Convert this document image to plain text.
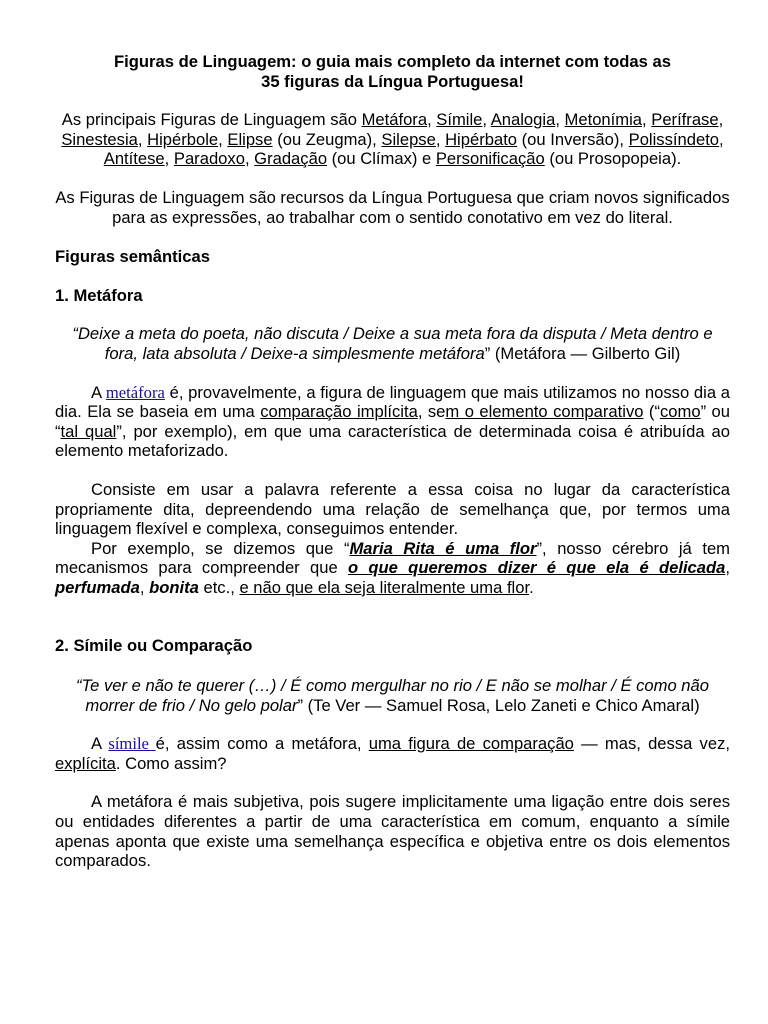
Figuras de Linguagem: o guia mais completo da internet com todas as
35 figuras da Língua Portuguesa!

As principais Figuras de Linguagem são Metáfora, Símile, Analogia, Metonímia, Perífrase, Sinestesia, Hipérbole, Elipse (ou Zeugma), Silepse, Hipérbato (ou Inversão), Polissíndeto, Antítese, Paradoxo, Gradação (ou Clímax) e Personificação (ou Prosopopeia).

As Figuras de Linguagem são recursos da Língua Portuguesa que criam novos significados para as expressões, ao trabalhar com o sentido conotativo em vez do literal.

Figuras semânticas

1. Metáfora

“Deixe a meta do poeta, não discuta / Deixe a sua meta fora da disputa / Meta dentro e fora, lata absoluta / Deixe-a simplesmente metáfora” (Metáfora — Gilberto Gil)

A metáfora é, provavelmente, a figura de linguagem que mais utilizamos no nosso dia a dia. Ela se baseia em uma comparação implícita, sem o elemento comparativo (“como” ou “tal qual”, por exemplo), em que uma característica de determinada coisa é atribuída ao elemento metaforizado.

Consiste em usar a palavra referente a essa coisa no lugar da característica propriamente dita, depreendendo uma relação de semelhança que, por termos uma linguagem flexível e complexa, conseguimos entender.

Por exemplo, se dizemos que “Maria Rita é uma flor”, nosso cérebro já tem mecanismos para compreender que o que queremos dizer é que ela é delicada, perfumada, bonita etc., e não que ela seja literalmente uma flor.

2. Símile ou Comparação

“Te ver e não te querer (…) / É como mergulhar no rio / E não se molhar / É como não morrer de frio / No gelo polar” (Te Ver — Samuel Rosa, Lelo Zaneti e Chico Amaral)

A símile é, assim como a metáfora, uma figura de comparação — mas, dessa vez, explícita. Como assim?

A metáfora é mais subjetiva, pois sugere implicitamente uma ligação entre dois seres ou entidades diferentes a partir de uma característica em comum, enquanto a símile apenas aponta que existe uma semelhança específica e objetiva entre os dois elementos comparados.
